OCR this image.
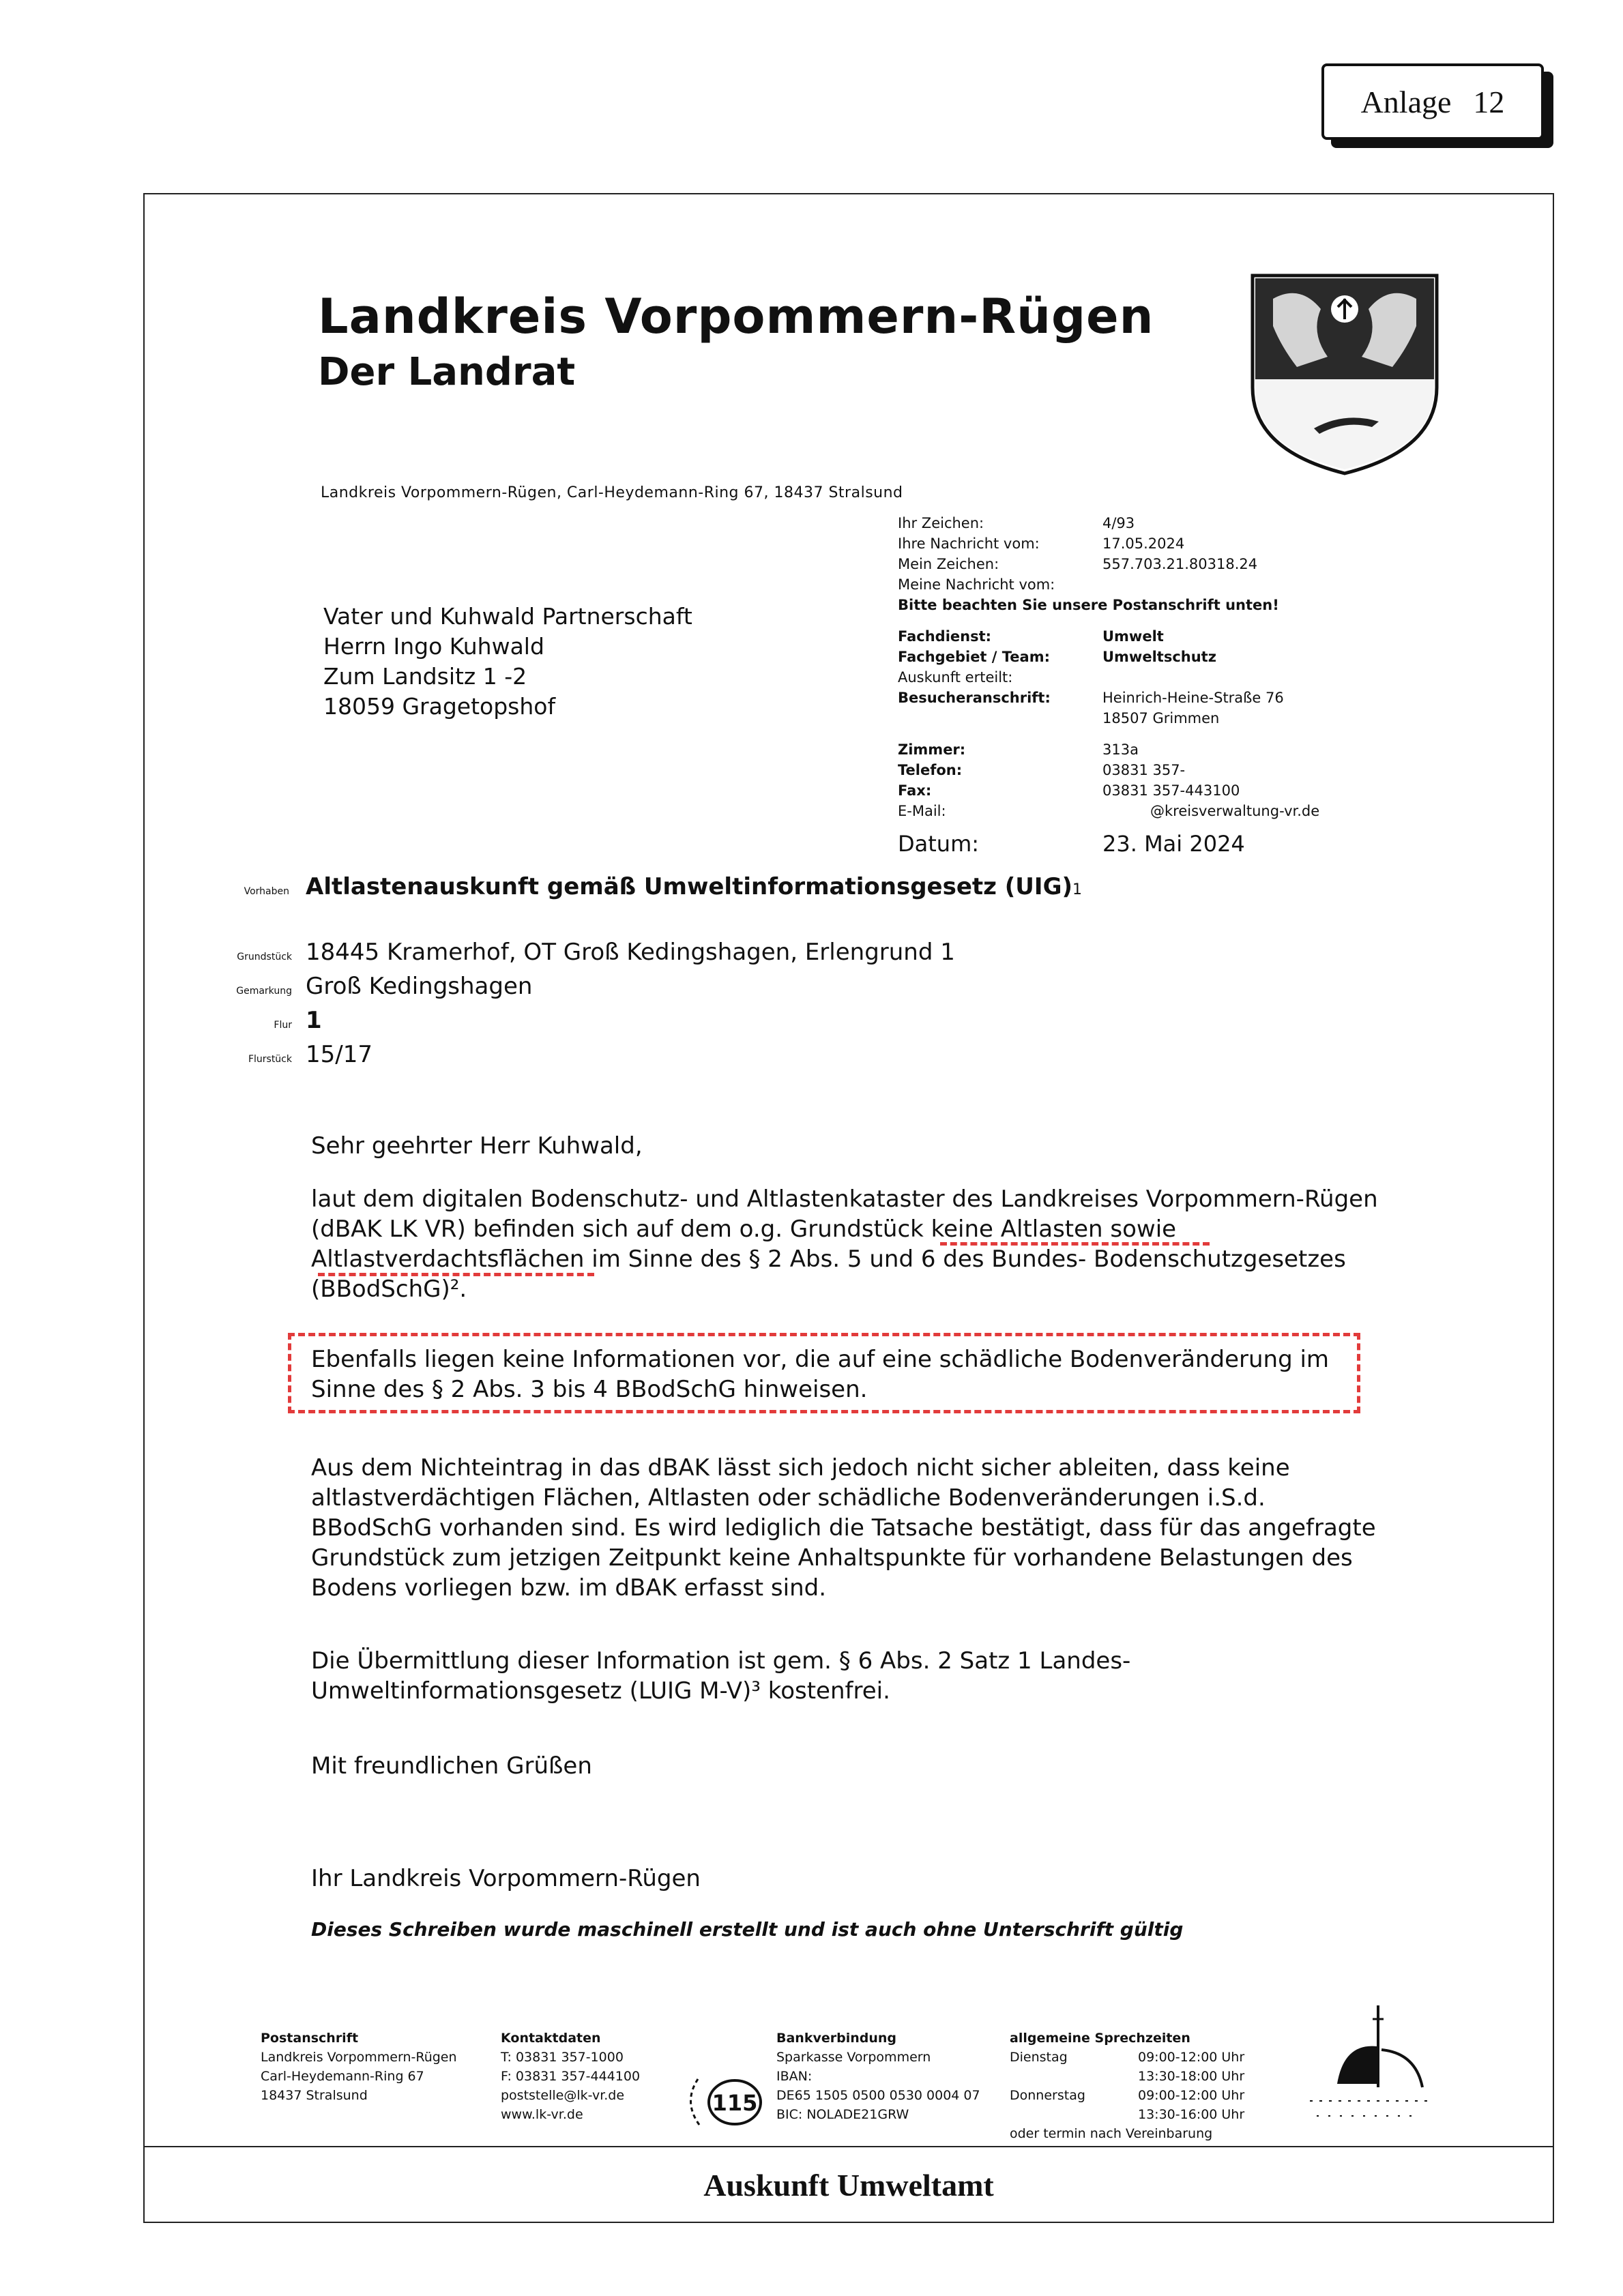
Anlage 12
Auskunft Umweltamt
Landkreis Vorpommern-Rügen
Der Landrat
Landkreis Vorpommern-Rügen, Carl-Heydemann-Ring 67, 18437 Stralsund
Vater und Kuhwald Partnerschaft
Herrn Ingo Kuhwald
Zum Landsitz 1 -2
18059 Gragetopshof
Ihr Zeichen:	4/93
Ihre Nachricht vom:	17.05.2024
Mein Zeichen:	557.703.21.80318.24
Meine Nachricht vom:
Bitte beachten Sie unsere Postanschrift unten!
Fachdienst:	Umwelt
Fachgebiet / Team:	Umweltschutz
Auskunft erteilt:
Besucheranschrift:	Heinrich-Heine-Straße 76
18507 Grimmen
Zimmer:	313a
Telefon:	03831 357-
Fax:	03831 357-443100
E-Mail:	@kreisverwaltung-vr.de
Datum:	23. Mai 2024
Vorhaben Altlastenauskunft gemäß Umweltinformationsgesetz (UIG) 1
Grundstück 18445 Kramerhof, OT Groß Kedingshagen, Erlengrund 1
Gemarkung Groß Kedingshagen
Flur 1
Flurstück 15/17
Sehr geehrter Herr Kuhwald,
laut dem digitalen Bodenschutz- und Altlastenkataster des Landkreises Vorpommern-Rügen
(dBAK LK VR) befinden sich auf dem o.g. Grundstück keine Altlasten sowie
Altlastverdachtsflächen im Sinne des § 2 Abs. 5 und 6 des Bundes- Bodenschutzgesetzes
(BBodSchG)².
Ebenfalls liegen keine Informationen vor, die auf eine schädliche Bodenveränderung im
Sinne des § 2 Abs. 3 bis 4 BBodSchG hinweisen.
Aus dem Nichteintrag in das dBAK lässt sich jedoch nicht sicher ableiten, dass keine
altlastverdächtigen Flächen, Altlasten oder schädliche Bodenveränderungen i.S.d.
BBodSchG vorhanden sind. Es wird lediglich die Tatsache bestätigt, dass für das angefragte
Grundstück zum jetzigen Zeitpunkt keine Anhaltspunkte für vorhandene Belastungen des
Bodens vorliegen bzw. im dBAK erfasst sind.
Die Übermittlung dieser Information ist gem. § 6 Abs. 2 Satz 1 Landes-
Umweltinformationsgesetz (LUIG M-V)³ kostenfrei.
Mit freundlichen Grüßen
Ihr Landkreis Vorpommern-Rügen
Dieses Schreiben wurde maschinell erstellt und ist auch ohne Unterschrift gültig
Postanschrift
Landkreis Vorpommern-Rügen
Carl-Heydemann-Ring 67
18437 Stralsund
Kontaktdaten
T: 03831 357-1000
F: 03831 357-444100
poststelle@lk-vr.de
www.lk-vr.de	115
Bankverbindung
Sparkasse Vorpommern
IBAN:
DE65 1505 0500 0530 0004 07
BIC: NOLADE21GRW
allgemeine Sprechzeiten
Dienstag	09:00-12:00 Uhr
13:30-18:00 Uhr
Donnerstag	09:00-12:00 Uhr
13:30-16:00 Uhr
oder termin nach Vereinbarung
